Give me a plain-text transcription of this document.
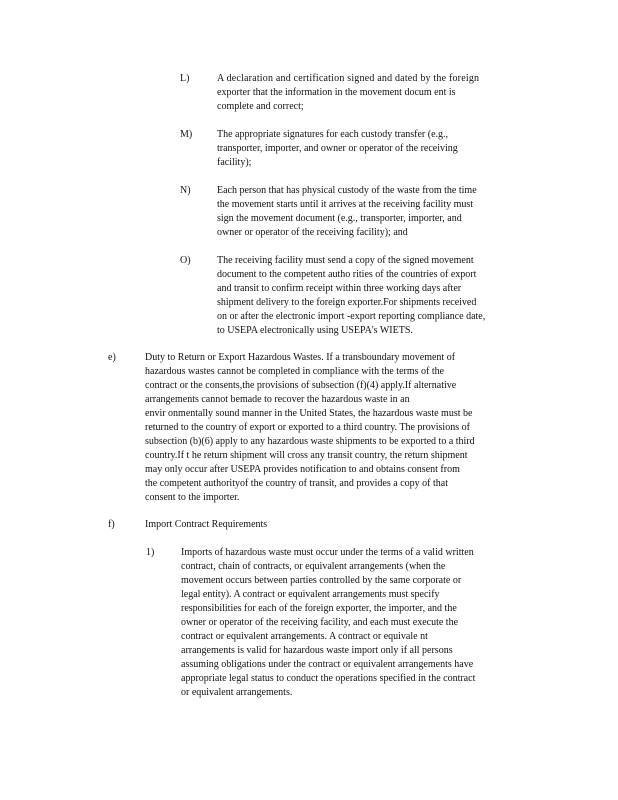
L)	A declaration and certification signed and dated by the foreign
exporter that the information in the movement docum ent is
complete and correct;
M) The appropriate signatures for each custody transfer (e.g.,
transporter, importer, and owner or operator of the receiving
facility);
N)	Each person that has physical custody of the waste from the time
the movement starts until it arrives at the receiving facility must
sign the movement document (e.g., transporter, importer, and
owner or operator of the receiving facility); and
O)	The receiving facility must send a copy of the signed movement
document to the competent autho rities of the countries of export
and transit to confirm receipt within three working days after
shipment delivery to the foreign exporter.For shipments received
on or after the electronic import -export reporting compliance date,
to USEPA electronically using USEPA's WIETS.
e)	Duty to Return or Export Hazardous Wastes. If a transboundary movement of
hazardous wastes cannot be completed in compliance with the terms of the
contract or the consents,the provisions of subsection (f)(4) apply.If alternative
arrangements cannot bemade to recover the hazardous waste in an
envir onmentally sound manner in the United States, the hazardous waste must be
returned to the country of export or exported to a third country. The provisions of
subsection (b)(6) apply to any hazardous waste shipments to be exported to a third
country.If t he return shipment will cross any transit country, the return shipment
may only occur after USEPA provides notification to and obtains consent from
the competent authorityof the country of transit, and provides a copy of that
consent to the importer.
f)	Import Contract Requirements
1)	Imports of hazardous waste must occur under the terms of a valid written
contract, chain of contracts, or equivalent arrangements (when the
movement occurs between parties controlled by the same corporate or
legal entity). A contract or equivalent arrangements must specify
responsibilities for each of the foreign exporter, the importer, and the
owner or operator of the receiving facility, and each must execute the
contract or equivalent arrangements. A contract or equivale nt
arrangements is valid for hazardous waste import only if all persons
assuming obligations under the contract or equivalent arrangements have
appropriate legal status to conduct the operations specified in the contract
or equivalent arrangements.
